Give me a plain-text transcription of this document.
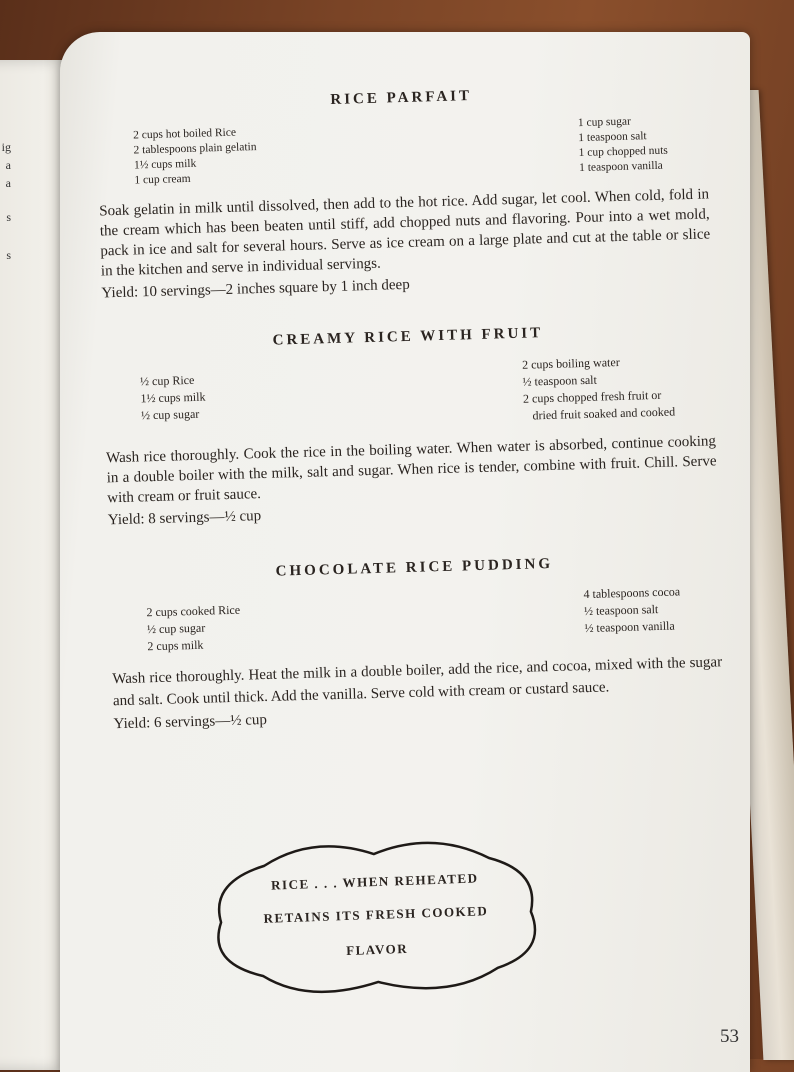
ig
a
a
s
s
RICE PARFAIT
2 cups hot boiled Rice
2 tablespoons plain gelatin
1½ cups milk
1 cup cream
1 cup sugar
1 teaspoon salt
1 cup chopped nuts
1 teaspoon vanilla

Soak gelatin in milk until dissolved, then add to the hot rice. Add sugar, let cool. When cold, fold in the cream which has been beaten until stiff, add chopped nuts and flavoring. Pour into a wet mold, pack in ice and salt for several hours. Serve as ice cream on a large plate and cut at the table or slice in the kitchen and serve in individual servings.

Yield: 10 servings—2 inches square by 1 inch deep

CREAMY RICE WITH FRUIT
½ cup Rice
1½ cups milk
½ cup sugar
2 cups boiling water
½ teaspoon salt
2 cups chopped fresh fruit or
dried fruit soaked and cooked

Wash rice thoroughly. Cook the rice in the boiling water. When water is absorbed, continue cooking in a double boiler with the milk, salt and sugar. When rice is tender, combine with fruit. Chill. Serve with cream or fruit sauce.

Yield: 8 servings—½ cup

CHOCOLATE RICE PUDDING
2 cups cooked Rice
½ cup sugar
2 cups milk
4 tablespoons cocoa
½ teaspoon salt
½ teaspoon vanilla

Wash rice thoroughly. Heat the milk in a double boiler, add the rice, and cocoa, mixed with the sugar and salt. Cook until thick. Add the vanilla. Serve cold with cream or custard sauce.

Yield: 6 servings—½ cup

RICE . . . WHEN REHEATED
RETAINS ITS FRESH COOKED
FLAVOR
53
